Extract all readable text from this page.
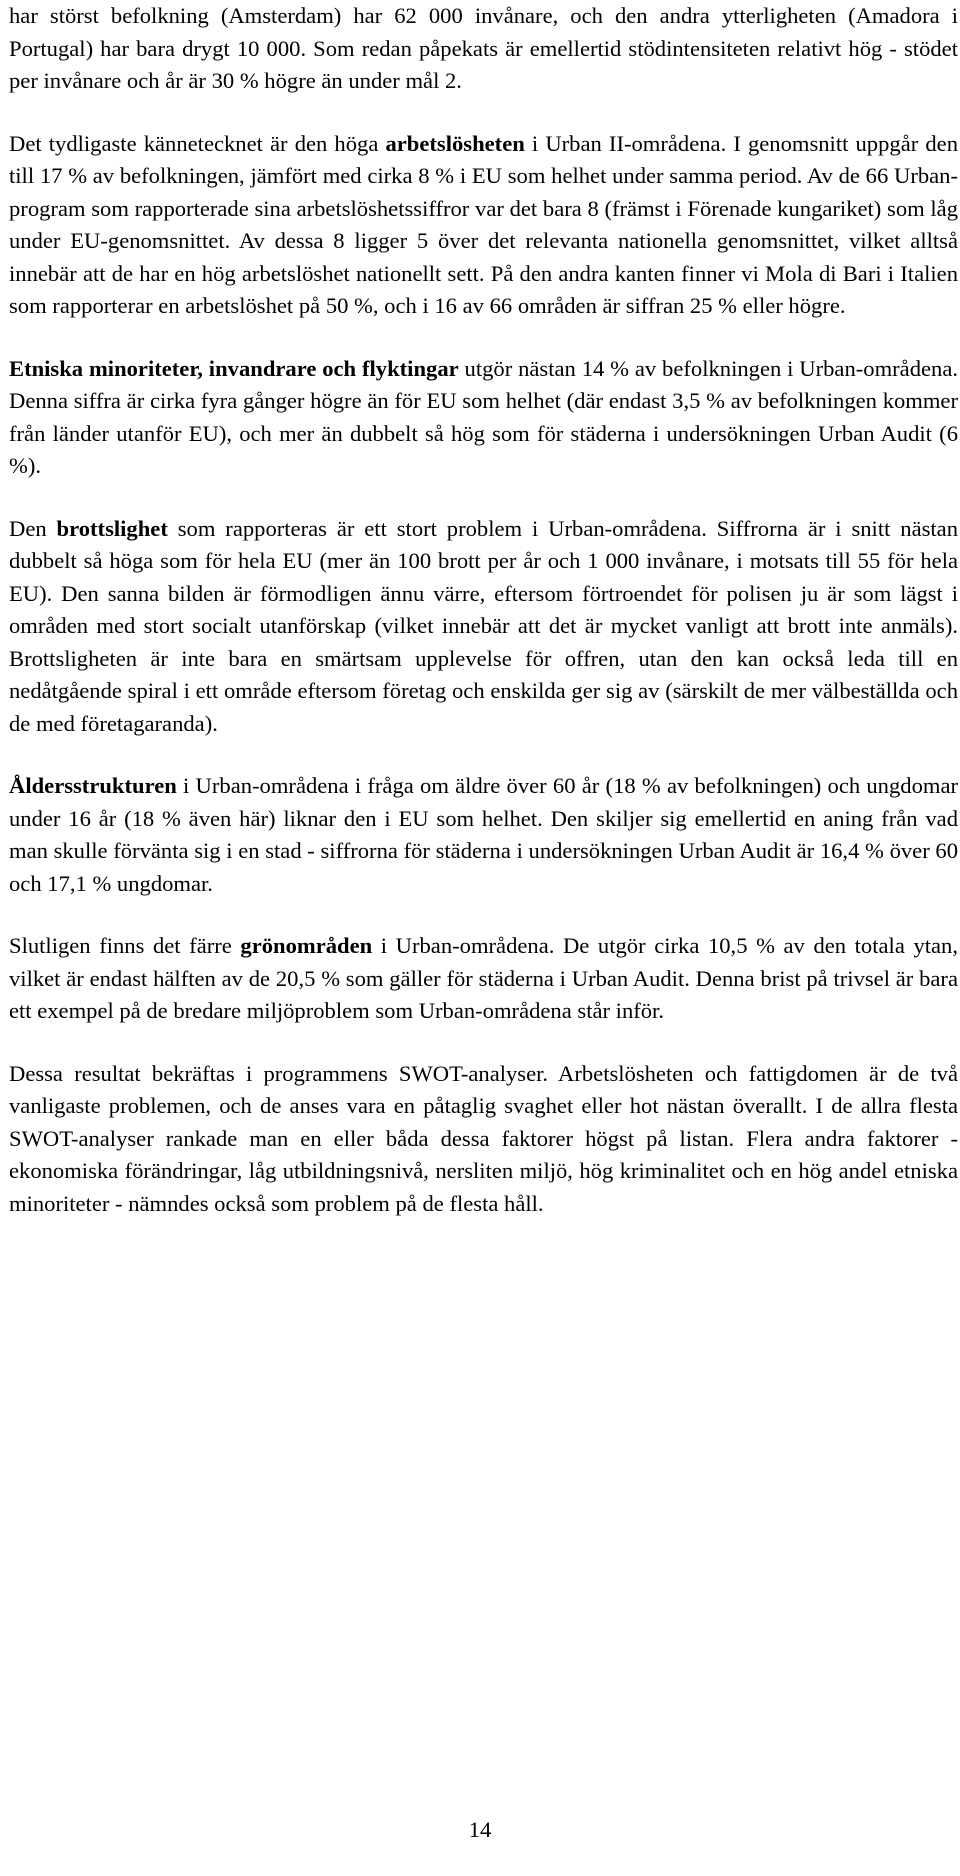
har störst befolkning (Amsterdam) har 62 000 invånare, och den andra ytterligheten (Amadora i Portugal) har bara drygt 10 000. Som redan påpekats är emellertid stödintensiteten relativt hög - stödet per invånare och år är 30 % högre än under mål 2.

Det tydligaste kännetecknet är den höga arbetslösheten i Urban II-områdena. I genomsnitt uppgår den till 17 % av befolkningen, jämfört med cirka 8 % i EU som helhet under samma period. Av de 66 Urban-program som rapporterade sina arbetslöshetssiffror var det bara 8 (främst i Förenade kungariket) som låg under EU-genomsnittet. Av dessa 8 ligger 5 över det relevanta nationella genomsnittet, vilket alltså innebär att de har en hög arbetslöshet nationellt sett. På den andra kanten finner vi Mola di Bari i Italien som rapporterar en arbetslöshet på 50 %, och i 16 av 66 områden är siffran 25 % eller högre.

Etniska minoriteter, invandrare och flyktingar utgör nästan 14 % av befolkningen i Urban-områdena. Denna siffra är cirka fyra gånger högre än för EU som helhet (där endast 3,5 % av befolkningen kommer från länder utanför EU), och mer än dubbelt så hög som för städerna i undersökningen Urban Audit (6 %).

Den brottslighet som rapporteras är ett stort problem i Urban-områdena. Siffrorna är i snitt nästan dubbelt så höga som för hela EU (mer än 100 brott per år och 1 000 invånare, i motsats till 55 för hela EU). Den sanna bilden är förmodligen ännu värre, eftersom förtroendet för polisen ju är som lägst i områden med stort socialt utanförskap (vilket innebär att det är mycket vanligt att brott inte anmäls). Brottsligheten är inte bara en smärtsam upplevelse för offren, utan den kan också leda till en nedåtgående spiral i ett område eftersom företag och enskilda ger sig av (särskilt de mer välbeställda och de med företagaranda).

Åldersstrukturen i Urban-områdena i fråga om äldre över 60 år (18 % av befolkningen) och ungdomar under 16 år (18 % även här) liknar den i EU som helhet. Den skiljer sig emellertid en aning från vad man skulle förvänta sig i en stad - siffrorna för städerna i undersökningen Urban Audit är 16,4 % över 60 och 17,1 % ungdomar.

Slutligen finns det färre grönområden i Urban-områdena. De utgör cirka 10,5 % av den totala ytan, vilket är endast hälften av de 20,5 % som gäller för städerna i Urban Audit. Denna brist på trivsel är bara ett exempel på de bredare miljöproblem som Urban-områdena står inför.

Dessa resultat bekräftas i programmens SWOT-analyser. Arbetslösheten och fattigdomen är de två vanligaste problemen, och de anses vara en påtaglig svaghet eller hot nästan överallt. I de allra flesta SWOT-analyser rankade man en eller båda dessa faktorer högst på listan. Flera andra faktorer - ekonomiska förändringar, låg utbildningsnivå, nersliten miljö, hög kriminalitet och en hög andel etniska minoriteter - nämndes också som problem på de flesta håll.

14
